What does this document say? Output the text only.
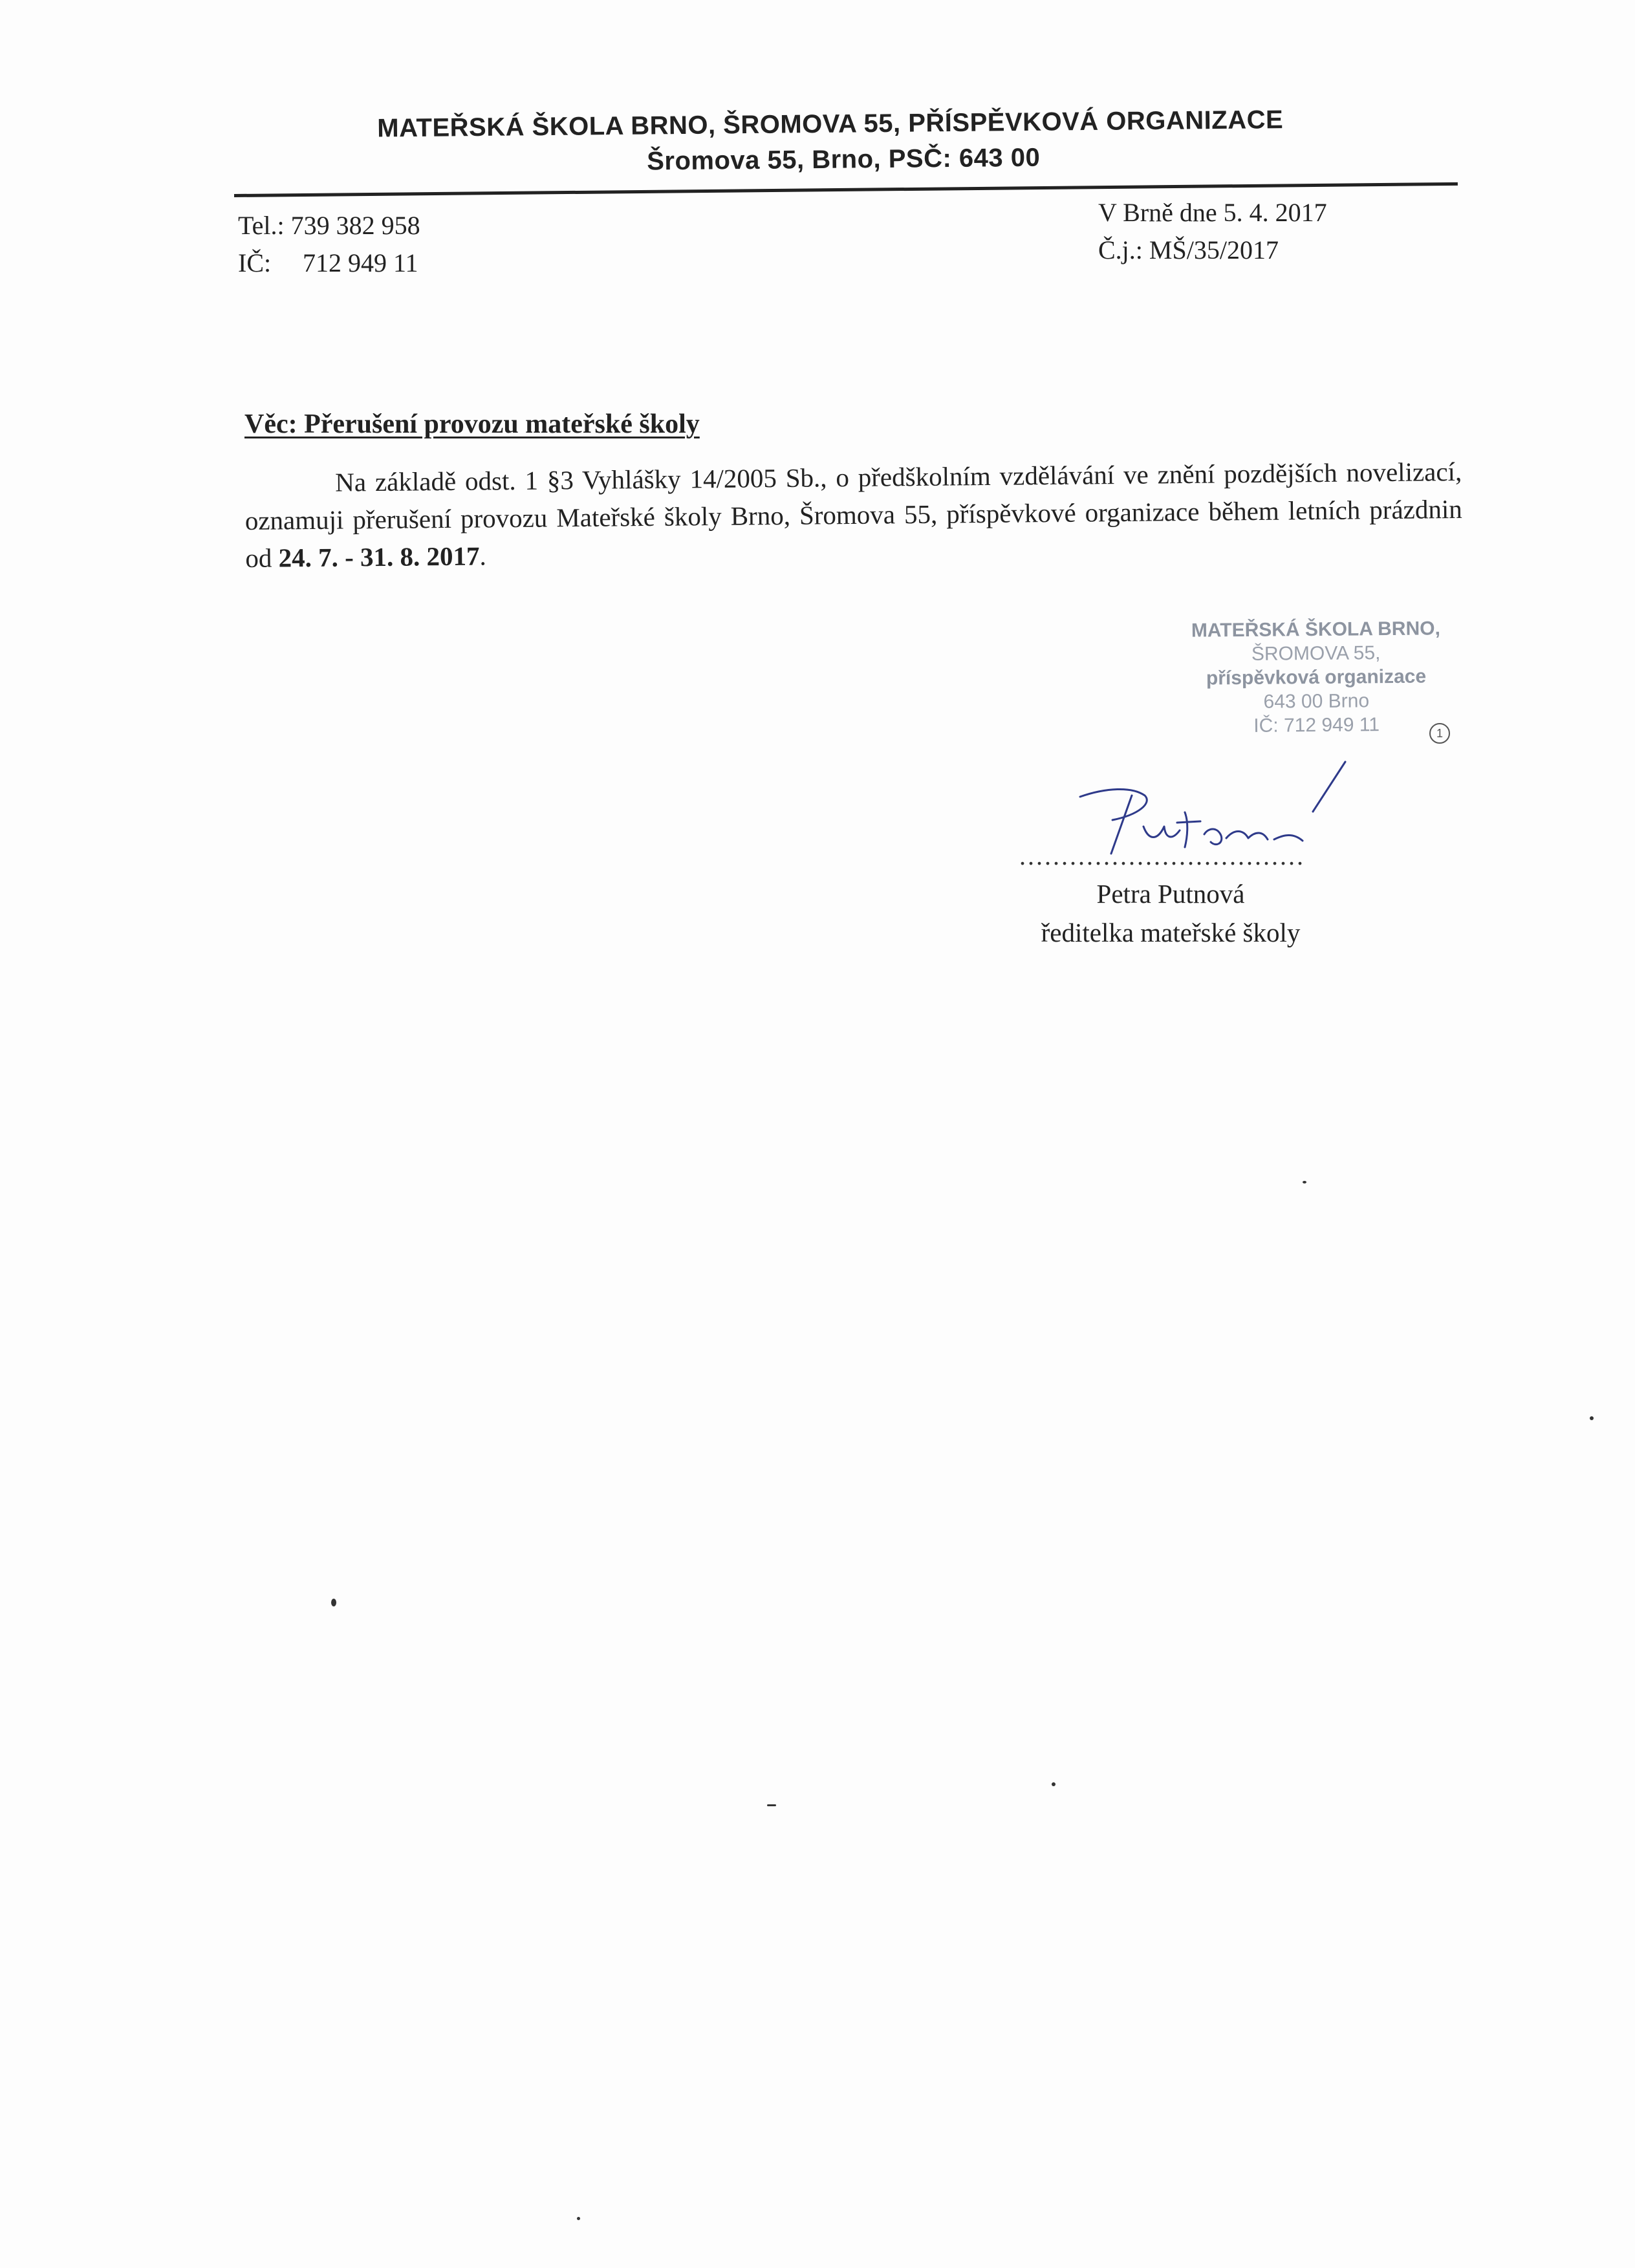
MATEŘSKÁ ŠKOLA BRNO, ŠROMOVA 55, PŘÍSPĚVKOVÁ ORGANIZACE
Šromova 55, Brno, PSČ: 643 00
Tel.: 739 382 958
IČ: 712 949 11
V Brně dne 5. 4. 2017
Č.j.: MŠ/35/2017
Věc: Přerušení provozu mateřské školy
Na základě odst. 1 §3 Vyhlášky 14/2005 Sb., o předškolním vzdělávání ve znění pozdějších novelizací, oznamuji přerušení provozu Mateřské školy Brno, Šromova 55, příspěvkové organizace během letních prázdnin od 24. 7. - 31. 8. 2017.
MATEŘSKÁ ŠKOLA BRNO,
ŠROMOVA 55,
příspěvková organizace
643 00 Brno
IČ: 712 949 11	1
..................................
Petra Putnová
ředitelka mateřské školy
